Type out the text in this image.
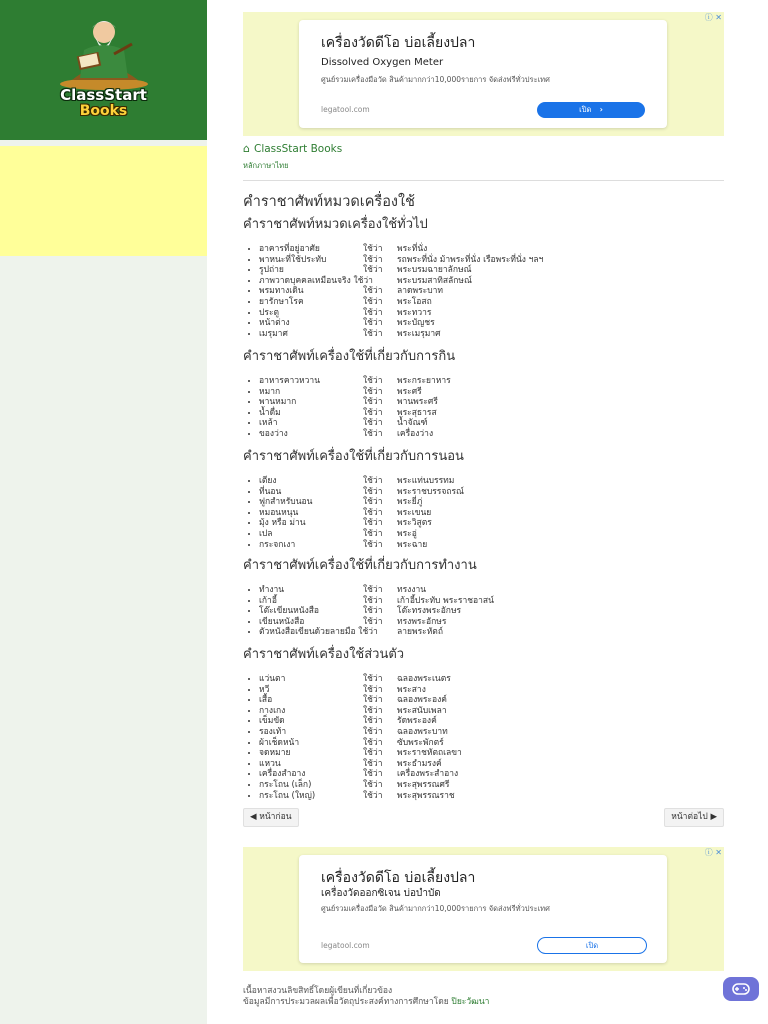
ClassStart
Books
ⓘ ✕
เครื่องวัดดีโอ บ่อเลี้ยงปลา
Dissolved Oxygen Meter
ศูนย์รวมเครื่องมือวัด สินค้ามากกว่า10,000รายการ จัดส่งฟรีทั่วประเทศ
legatool.com	เปิด ›
⌂ ClassStart Books
หลักภาษาไทย
คำราชาศัพท์หมวดเครื่องใช้
คำราชาศัพท์หมวดเครื่องใช้ทั่วไป
• อาคารที่อยู่อาศัย	ใช้ว่า พระที่นั่ง
• พาหนะที่ใช้ประทับ	ใช้ว่า รถพระที่นั่ง ม้าพระที่นั่ง เรือพระที่นั่ง ฯลฯ
• รูปถ่าย	ใช้ว่า พระบรมฉายาลักษณ์
• ภาพวาดบุคคลเหมือนจริง ใช้ว่า	พระบรมสาทิสลักษณ์
• พรมทางเดิน	ใช้ว่า ลาดพระบาท
• ยารักษาโรค	ใช้ว่า พระโอสถ
• ประตู	ใช้ว่า พระทวาร
• หน้าต่าง	ใช้ว่า พระบัญชร
• เมรุมาศ	ใช้ว่า พระเมรุมาศ
คำราชาศัพท์เครื่องใช้ที่เกี่ยวกับการกิน
• อาหารคาวหวาน	ใช้ว่า พระกระยาหาร
• หมาก	ใช้ว่า พระศรี
• พานหมาก	ใช้ว่า พานพระศรี
• น้ำดื่ม	ใช้ว่า พระสุธารส
• เหล้า	ใช้ว่า น้ำจัณฑ์
• ของว่าง	ใช้ว่า เครื่องว่าง
คำราชาศัพท์เครื่องใช้ที่เกี่ยวกับการนอน
• เตียง	ใช้ว่า พระแท่นบรรทม
• ที่นอน	ใช้ว่า พระราชบรรจถรณ์
• ฟูกสำหรับนอน	ใช้ว่า พระยี่ภู่
• หมอนหนุน	ใช้ว่า พระเขนย
• มุ้ง หรือ ม่าน	ใช้ว่า พระวิสูตร
• เปล	ใช้ว่า พระอู่
• กระจกเงา	ใช้ว่า พระฉาย
คำราชาศัพท์เครื่องใช้ที่เกี่ยวกับการทำงาน
• ทำงาน	ใช้ว่า ทรงงาน
• เก้าอี้	ใช้ว่า เก้าอี้ประทับ พระราชอาสน์
• โต๊ะเขียนหนังสือ	ใช้ว่า โต๊ะทรงพระอักษร
• เขียนหนังสือ	ใช้ว่า ทรงพระอักษร
• ตัวหนังสือเขียนด้วยลายมือ ใช้ว่า ลายพระหัตถ์
คำราชาศัพท์เครื่องใช้ส่วนตัว
• แว่นตา	ใช้ว่า ฉลองพระเนตร
• หวี	ใช้ว่า พระสาง
• เสื้อ	ใช้ว่า ฉลองพระองค์
• กางเกง	ใช้ว่า พระสนับเพลา
• เข็มขัด	ใช้ว่า รัดพระองค์
• รองเท้า	ใช้ว่า ฉลองพระบาท
• ผ้าเช็ดหน้า	ใช้ว่า ซับพระพักตร์
• จดหมาย	ใช้ว่า พระราชหัตถเลขา
• แหวน	ใช้ว่า พระธำมรงค์
• เครื่องสำอาง	ใช้ว่า เครื่องพระสำอาง
• กระโถน (เล็ก)	ใช้ว่า พระสุพรรณศรี
• กระโถน (ใหญ่)	ใช้ว่า พระสุพรรณราช
◀ หน้าก่อน	หน้าต่อไป ▶
ⓘ ✕
เครื่องวัดดีโอ บ่อเลี้ยงปลา
เครื่องวัดออกซิเจน บ่อบำบัด
ศูนย์รวมเครื่องมือวัด สินค้ามากกว่า10,000รายการ จัดส่งฟรีทั่วประเทศ
legatool.com	เปิด
เนื้อหาสงวนลิขสิทธิ์โดยผู้เขียนที่เกี่ยวข้อง
ข้อมูลมีการประมวลผลเพื่อวัตถุประสงค์ทางการศึกษาโดย ปิยะวัฒนา
